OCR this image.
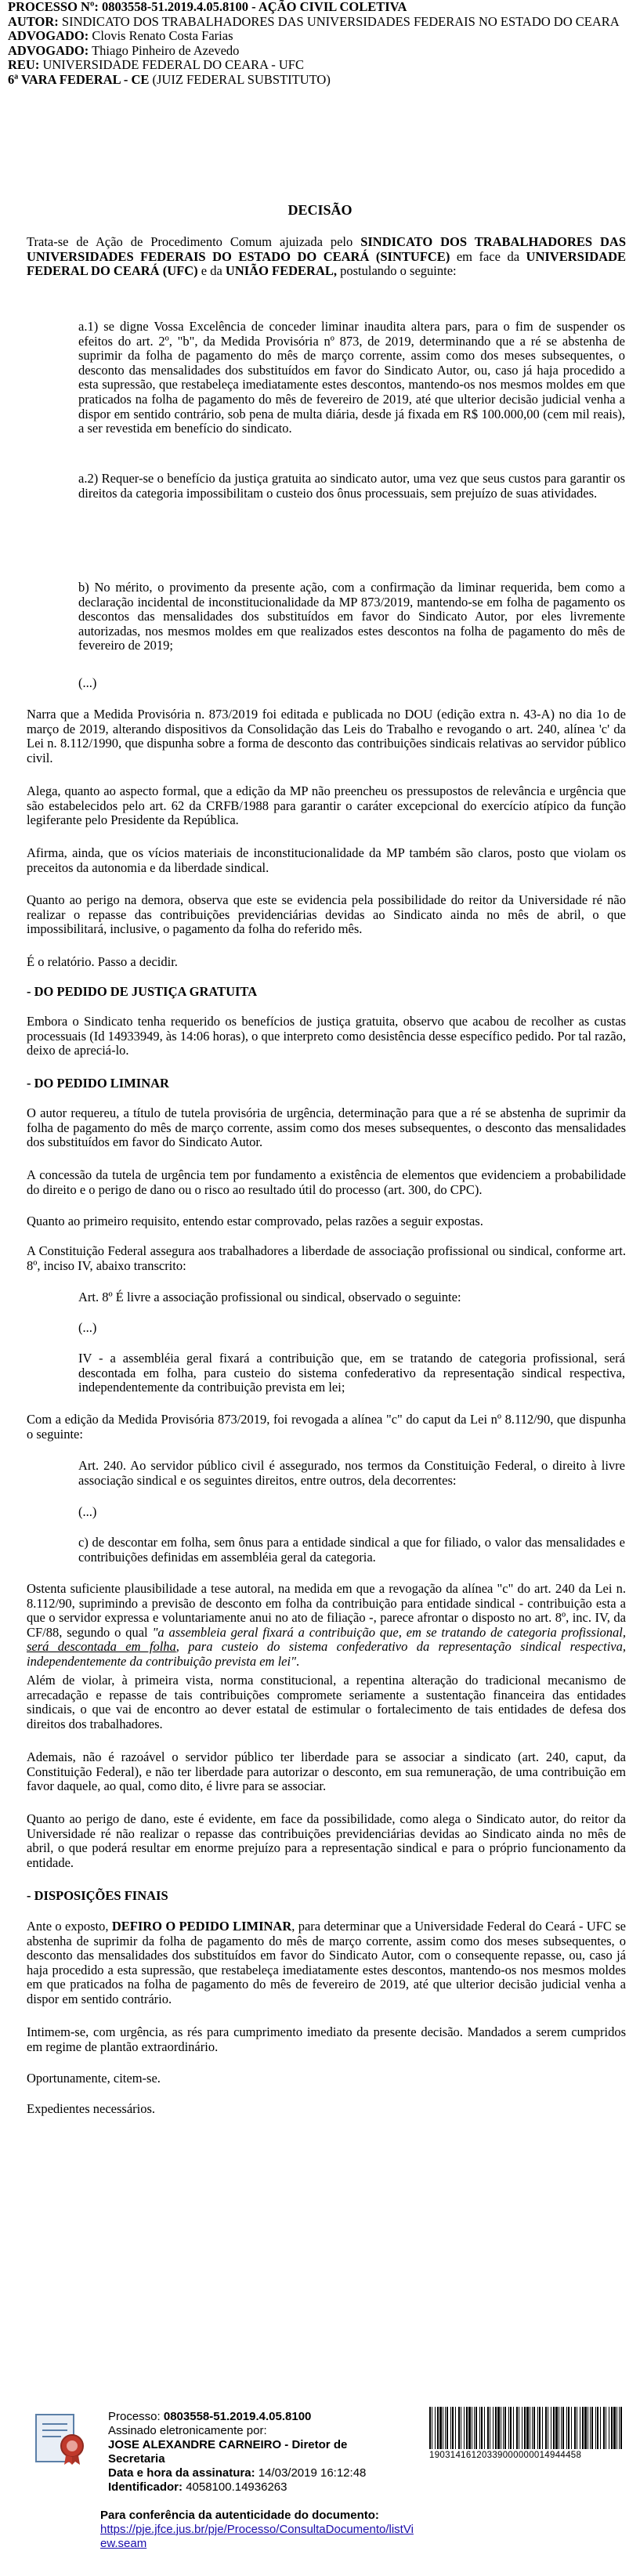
PROCESSO Nº: 0803558-51.2019.4.05.8100 - AÇÃO CIVIL COLETIVA
AUTOR: SINDICATO DOS TRABALHADORES DAS UNIVERSIDADES FEDERAIS NO ESTADO DO CEARA
ADVOGADO: Clovis Renato Costa Farias
ADVOGADO: Thiago Pinheiro de Azevedo
REU: UNIVERSIDADE FEDERAL DO CEARA - UFC
6ª VARA FEDERAL - CE (JUIZ FEDERAL SUBSTITUTO)
DECISÃO

Trata-se de Ação de Procedimento Comum ajuizada pelo SINDICATO DOS TRABALHADORES DAS UNIVERSIDADES FEDERAIS DO ESTADO DO CEARÁ (SINTUFCE) em face da UNIVERSIDADE FEDERAL DO CEARÁ (UFC) e da UNIÃO FEDERAL, postulando o seguinte:

a.1) se digne Vossa Excelência de conceder liminar inaudita altera pars, para o fim de suspender os efeitos do art. 2º, "b", da Medida Provisória nº 873, de 2019, determinando que a ré se abstenha de suprimir da folha de pagamento do mês de março corrente, assim como dos meses subsequentes, o desconto das mensalidades dos substituídos em favor do Sindicato Autor, ou, caso já haja procedido a esta supressão, que restabeleça imediatamente estes descontos, mantendo-os nos mesmos moldes em que praticados na folha de pagamento do mês de fevereiro de 2019, até que ulterior decisão judicial venha a dispor em sentido contrário, sob pena de multa diária, desde já fixada em R$ 100.000,00 (cem mil reais), a ser revestida em benefício do sindicato.

a.2) Requer-se o benefício da justiça gratuita ao sindicato autor, uma vez que seus custos para garantir os direitos da categoria impossibilitam o custeio dos ônus processuais, sem prejuízo de suas atividades.

b) No mérito, o provimento da presente ação, com a confirmação da liminar requerida, bem como a declaração incidental de inconstitucionalidade da MP 873/2019, mantendo-se em folha de pagamento os descontos das mensalidades dos substituídos em favor do Sindicato Autor, por eles livremente autorizadas, nos mesmos moldes em que realizados estes descontos na folha de pagamento do mês de fevereiro de 2019;

(...)

Narra que a Medida Provisória n. 873/2019 foi editada e publicada no DOU (edição extra n. 43-A) no dia 1o de março de 2019, alterando dispositivos da Consolidação das Leis do Trabalho e revogando o art. 240, alínea 'c' da Lei n. 8.112/1990, que dispunha sobre a forma de desconto das contribuições sindicais relativas ao servidor público civil.

Alega, quanto ao aspecto formal, que a edição da MP não preencheu os pressupostos de relevância e urgência que são estabelecidos pelo art. 62 da CRFB/1988 para garantir o caráter excepcional do exercício atípico da função legiferante pelo Presidente da República.

Afirma, ainda, que os vícios materiais de inconstitucionalidade da MP também são claros, posto que violam os preceitos da autonomia e da liberdade sindical.

Quanto ao perigo na demora, observa que este se evidencia pela possibilidade do reitor da Universidade ré não realizar o repasse das contribuições previdenciárias devidas ao Sindicato ainda no mês de abril, o que impossibilitará, inclusive, o pagamento da folha do referido mês.

É o relatório. Passo a decidir.

- DO PEDIDO DE JUSTIÇA GRATUITA

Embora o Sindicato tenha requerido os benefícios de justiça gratuita, observo que acabou de recolher as custas processuais (Id 14933949, às 14:06 horas), o que interpreto como desistência desse específico pedido. Por tal razão, deixo de apreciá-lo.

- DO PEDIDO LIMINAR

O autor requereu, a título de tutela provisória de urgência, determinação para que a ré se abstenha de suprimir da folha de pagamento do mês de março corrente, assim como dos meses subsequentes, o desconto das mensalidades dos substituídos em favor do Sindicato Autor.

A concessão da tutela de urgência tem por fundamento a existência de elementos que evidenciem a probabilidade do direito e o perigo de dano ou o risco ao resultado útil do processo (art. 300, do CPC).

Quanto ao primeiro requisito, entendo estar comprovado, pelas razões a seguir expostas.

A Constituição Federal assegura aos trabalhadores a liberdade de associação profissional ou sindical, conforme art. 8º, inciso IV, abaixo transcrito:

Art. 8º É livre a associação profissional ou sindical, observado o seguinte:

(...)

IV - a assembléia geral fixará a contribuição que, em se tratando de categoria profissional, será descontada em folha, para custeio do sistema confederativo da representação sindical respectiva, independentemente da contribuição prevista em lei;

Com a edição da Medida Provisória 873/2019, foi revogada a alínea "c" do caput da Lei nº 8.112/90, que dispunha o seguinte:

Art. 240. Ao servidor público civil é assegurado, nos termos da Constituição Federal, o direito à livre associação sindical e os seguintes direitos, entre outros, dela decorrentes:

(...)

c) de descontar em folha, sem ônus para a entidade sindical a que for filiado, o valor das mensalidades e contribuições definidas em assembléia geral da categoria.

Ostenta suficiente plausibilidade a tese autoral, na medida em que a revogação da alínea "c" do art. 240 da Lei n. 8.112/90, suprimindo a previsão de desconto em folha da contribuição para entidade sindical - contribuição esta a que o servidor expressa e voluntariamente anui no ato de filiação -, parece afrontar o disposto no art. 8º, inc. IV, da CF/88, segundo o qual "a assembleia geral fixará a contribuição que, em se tratando de categoria profissional, será descontada em folha, para custeio do sistema confederativo da representação sindical respectiva, independentemente da contribuição prevista em lei".

Além de violar, à primeira vista, norma constitucional, a repentina alteração do tradicional mecanismo de arrecadação e repasse de tais contribuições compromete seriamente a sustentação financeira das entidades sindicais, o que vai de encontro ao dever estatal de estimular o fortalecimento de tais entidades de defesa dos direitos dos trabalhadores.

Ademais, não é razoável o servidor público ter liberdade para se associar a sindicato (art. 240, caput, da Constituição Federal), e não ter liberdade para autorizar o desconto, em sua remuneração, de uma contribuição em favor daquele, ao qual, como dito, é livre para se associar.

Quanto ao perigo de dano, este é evidente, em face da possibilidade, como alega o Sindicato autor, do reitor da Universidade ré não realizar o repasse das contribuições previdenciárias devidas ao Sindicato ainda no mês de abril, o que poderá resultar em enorme prejuízo para a representação sindical e para o próprio funcionamento da entidade.

- DISPOSIÇÕES FINAIS

Ante o exposto, DEFIRO O PEDIDO LIMINAR, para determinar que a Universidade Federal do Ceará - UFC se abstenha de suprimir da folha de pagamento do mês de março corrente, assim como dos meses subsequentes, o desconto das mensalidades dos substituídos em favor do Sindicato Autor, com o consequente repasse, ou, caso já haja procedido a esta supressão, que restabeleça imediatamente estes descontos, mantendo-os nos mesmos moldes em que praticados na folha de pagamento do mês de fevereiro de 2019, até que ulterior decisão judicial venha a dispor em sentido contrário.

Intimem-se, com urgência, as rés para cumprimento imediato da presente decisão. Mandados a serem cumpridos em regime de plantão extraordinário.

Oportunamente, citem-se.

Expedientes necessários.

Processo: 0803558-51.2019.4.05.8100
Assinado eletronicamente por:
JOSE ALEXANDRE CARNEIRO - Diretor de Secretaria
Data e hora da assinatura: 14/03/2019 16:12:48
Identificador: 4058100.14936263
19031416120339000000014944458
Para conferência da autenticidade do documento:
https://pje.jfce.jus.br/pje/Processo/ConsultaDocumento/listView.seam
